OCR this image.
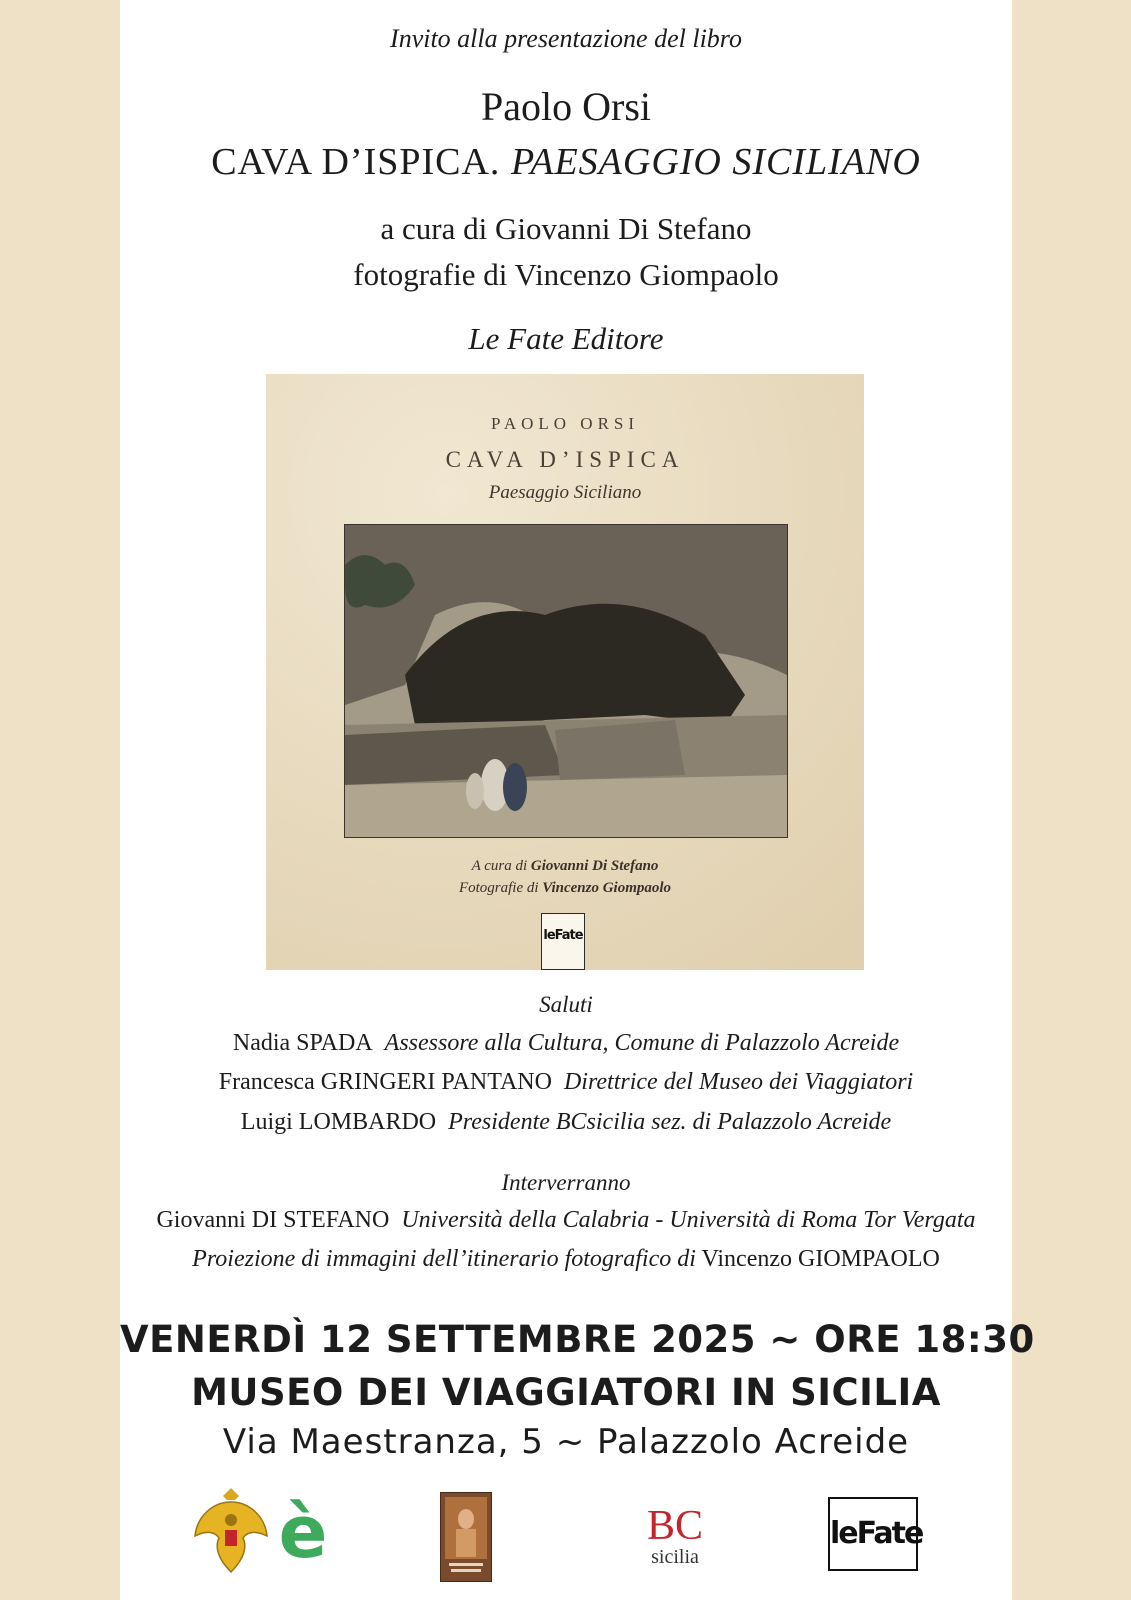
Invito alla presentazione del libro
Paolo Orsi
CAVA D’ISPICA. PAESAGGIO SICILIANO
a cura di Giovanni Di Stefano
fotografie di Vincenzo Giompaolo
Le Fate Editore
PAOLO ORSI
CAVA D’ISPICA
Paesaggio Siciliano
A cura di Giovanni Di Stefano
Fotografie di Vincenzo Giompaolo
leFate
Saluti
Nadia SPADA Assessore alla Cultura, Comune di Palazzolo Acreide
Francesca GRINGERI PANTANO Direttrice del Museo dei Viaggiatori
Luigi LOMBARDO Presidente BCsicilia sez. di Palazzolo Acreide
Interverranno
Giovanni DI STEFANO Università della Calabria - Università di Roma Tor Vergata
Proiezione di immagini dell’itinerario fotografico di Vincenzo GIOMPAOLO
VENERDÌ 12 SETTEMBRE 2025 ~ ORE 18:30
MUSEO DEI VIAGGIATORI IN SICILIA
Via Maestranza, 5 ~ Palazzolo Acreide
è	BC
sicilia
leFate
